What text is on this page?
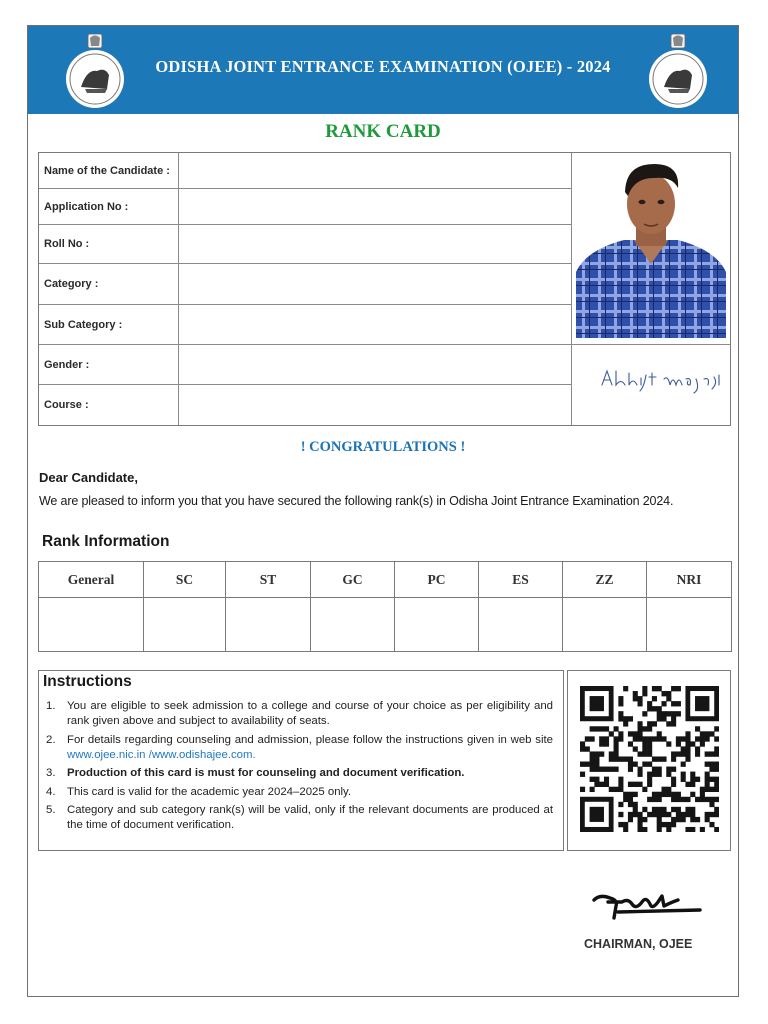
ODISHA JOINT ENTRANCE EXAMINATION (OJEE) - 2024
RANK CARD
Name of the Candidate :
Application No :
Roll No :
Category :
Sub Category :
Gender :
Course :
! CONGRATULATIONS !
Dear Candidate,
We are pleased to inform you that you have secured the following rank(s) in Odisha Joint Entrance Examination 2024.
Rank Information
General	SC	ST	GC	PC	ES	ZZ	NRI

Instructions
1. You are eligible to seek admission to a college and course of your choice as per eligibility and rank given above and subject to availability of seats.
2. For details regarding counseling and admission, please follow the instructions given in web site www.ojee.nic.in /www.odishajee.com.
3. Production of this card is must for counseling and document verification.
4. This card is valid for the academic year 2024–2025 only.
5. Category and sub category rank(s) will be valid, only if the relevant documents are produced at the time of document verification.
CHAIRMAN, OJEE
